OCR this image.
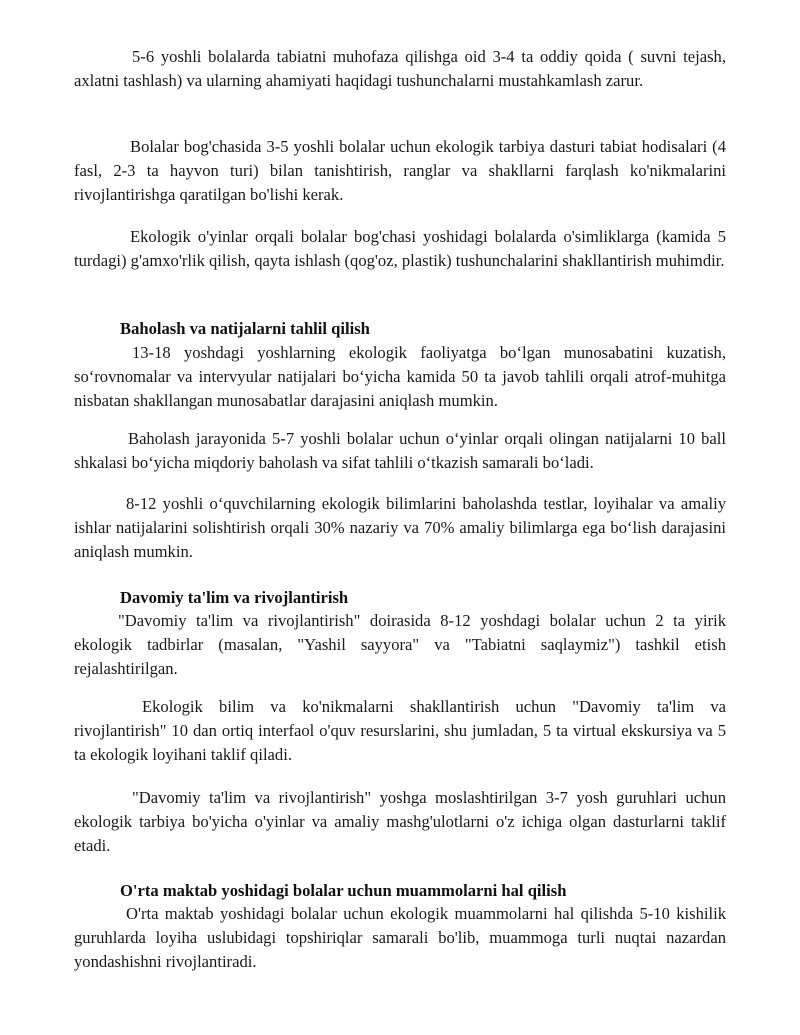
5-6 yoshli bolalarda tabiatni muhofaza qilishga oid 3-4 ta oddiy qoida ( suvni tejash, axlatni tashlash) va ularning ahamiyati haqidagi tushunchalarni mustahkamlash zarur.

Bolalar bog'chasida 3-5 yoshli bolalar uchun ekologik tarbiya dasturi tabiat hodisalari (4 fasl, 2-3 ta hayvon turi) bilan tanishtirish, ranglar va shakllarni farqlash ko'nikmalarini rivojlantirishga qaratilgan bo'lishi kerak.

Ekologik o'yinlar orqali bolalar bog'chasi yoshidagi bolalarda o'simliklarga (kamida 5 turdagi) g'amxo'rlik qilish, qayta ishlash (qog'oz, plastik) tushunchalarini shakllantirish muhimdir.

Baholash va natijalarni tahlil qilish

13-18 yoshdagi yoshlarning ekologik faoliyatga bo‘lgan munosabatini kuzatish, so‘rovnomalar va intervyular natijalari bo‘yicha kamida 50 ta javob tahlili orqali atrof-muhitga nisbatan shakllangan munosabatlar darajasini aniqlash mumkin.

Baholash jarayonida 5-7 yoshli bolalar uchun o‘yinlar orqali olingan natijalarni 10 ball shkalasi bo‘yicha miqdoriy baholash va sifat tahlili o‘tkazish samarali bo‘ladi.

8-12 yoshli o‘quvchilarning ekologik bilimlarini baholashda testlar, loyihalar va amaliy ishlar natijalarini solishtirish orqali 30% nazariy va 70% amaliy bilimlarga ega bo‘lish darajasini aniqlash mumkin.

Davomiy ta'lim va rivojlantirish

"Davomiy ta'lim va rivojlantirish" doirasida 8-12 yoshdagi bolalar uchun 2 ta yirik ekologik tadbirlar (masalan, "Yashil sayyora" va "Tabiatni saqlaymiz") tashkil etish rejalashtirilgan.

Ekologik bilim va ko'nikmalarni shakllantirish uchun "Davomiy ta'lim va rivojlantirish" 10 dan ortiq interfaol o'quv resurslarini, shu jumladan, 5 ta virtual ekskursiya va 5 ta ekologik loyihani taklif qiladi.

"Davomiy ta'lim va rivojlantirish" yoshga moslashtirilgan 3-7 yosh guruhlari uchun ekologik tarbiya bo'yicha o'yinlar va amaliy mashg'ulotlarni o'z ichiga olgan dasturlarni taklif etadi.

O'rta maktab yoshidagi bolalar uchun muammolarni hal qilish

O'rta maktab yoshidagi bolalar uchun ekologik muammolarni hal qilishda 5-10 kishilik guruhlarda loyiha uslubidagi topshiriqlar samarali bo'lib, muammoga turli nuqtai nazardan yondashishni rivojlantiradi.
